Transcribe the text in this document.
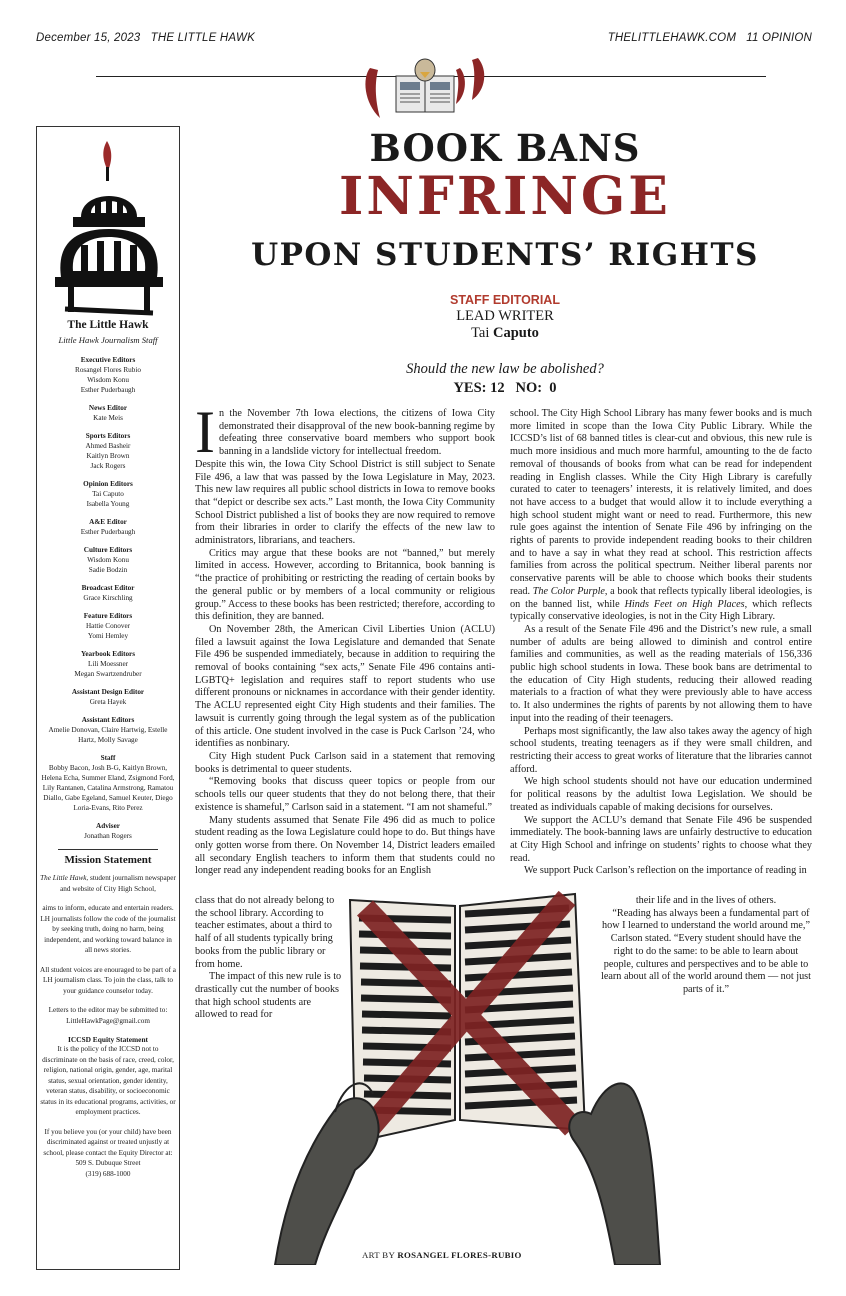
December 15, 2023   THE LITTLE HAWK	THELITTLEHAWK.COM   11 OPINION
The Little Hawk
Little Hawk Journalism Staff
Executive Editors
Rosangel Flores Rubio
Wisdom Konu
Esther Puderbaugh
News Editor
Kate Meis
Sports Editors
Ahmed Basheir
Kaitlyn Brown
Jack Rogers
Opinion Editors
Tai Caputo
Isabella Young
A&E Editor
Esther Puderbaugh
Culture Editors
Wisdom Konu
Sadie Bodzin
Broadcast Editor
Grace Kirschling
Feature Editors
Hattie Conover
Yomi Hemley
Yearbook Editors
Lili Moessner
Megan Swartzendruber
Assistant Design Editor
Greta Hayek
Assistant Editors
Amelie Donovan, Claire Hartwig, Estelle Hartz, Molly Savage
Staff
Bobby Bacon, Josh B-G, Kaitlyn Brown, Helena Echa, Summer Eland, Zsigmond Ford, Lily Rantanen, Catalina Armstrong, Ramatou Diallo, Gabe Egeland, Samuel Keuter, Diego Loria-Evans, Rito Perez
Adviser
Jonathan Rogers
Mission Statement
The Little Hawk, student journalism newspaper and website of City High School,
aims to inform, educate and entertain readers. LH journalists follow the code of the journalist by seeking truth, doing no harm, being independent, and working toward balance in all news stories.
All student voices are enouraged to be part of a LH journalism class. To join the class, talk to your guidance counselor today.
Letters to the editor may be submitted to: LittleHawkPage@gmail.com
ICCSD Equity Statement
It is the policy of the ICCSD not to discriminate on the basis of race, creed, color, religion, national origin, gender, age, marital status, sexual orientation, gender identity, veteran status, disability, or socioeconomic status in its educational programs, activities, or employment practices.
If you believe you (or your child) have been discriminated against or treated unjustly at school, please contact the Equity Director at:
509 S. Dubuque Street
(319) 688-1000
BOOK BANS
INFRINGE
UPON STUDENTS’ RIGHTS
STAFF EDITORIAL
LEAD WRITER
Tai Caputo
Should the new law be abolished?
YES: 12   NO:  0

In the November 7th Iowa elections, the citizens of Iowa City demonstrated their disapproval of the new book-banning regime by defeating three conservative board members who support book banning in a landslide victory for intellectual freedom.

Despite this win, the Iowa City School District is still subject to Senate File 496, a law that was passed by the Iowa Legislature in May, 2023. This new law requires all public school districts in Iowa to remove books that “depict or describe sex acts.” Last month, the Iowa City Community School District published a list of books they are now required to remove from their libraries in order to clarify the effects of the new law to administrators, librarians, and teachers.

Critics may argue that these books are not “banned,” but merely limited in access. However, according to Britannica, book banning is “the practice of prohibiting or restricting the reading of certain books by the general public or by members of a local community or religious group.” Access to these books has been restricted; therefore, according to this definition, they are banned.

On November 28th, the American Civil Liberties Union (ACLU) filed a lawsuit against the Iowa Legislature and demanded that Senate File 496 be suspended immediately, because in addition to requiring the removal of books containing “sex acts,” Senate File 496 contains anti-LGBTQ+ legislation and requires staff to report students who use different pronouns or nicknames in accordance with their gender identity. The ACLU represented eight City High students and their families. The lawsuit is currently going through the legal system as of the publication of this article. One student involved in the case is Puck Carlson ’24, who identifies as nonbinary.

City High student Puck Carlson said in a statement that removing books is detrimental to queer students.

“Removing books that discuss queer topics or people from our schools tells our queer students that they do not belong there, that their existence is shameful,” Carlson said in a statement. “I am not shameful.”

Many students assumed that Senate File 496 did as much to police student reading as the Iowa Legislature could hope to do. But things have only gotten worse from there. On November 14, District leaders emailed all secondary English teachers to inform them that students could no longer read any independent reading books for an English

school. The City High School Library has many fewer books and is much more limited in scope than the Iowa City Public Library. While the ICCSD’s list of 68 banned titles is clear-cut and obvious, this new rule is much more insidious and much more harmful, amounting to the de facto removal of thousands of books from what can be read for independent reading in English classes. While the City High Library is carefully curated to cater to teenagers’ interests, it is relatively limited, and does not have access to a budget that would allow it to include everything a high school student might want or need to read. Furthermore, this new rule goes against the intention of Senate File 496 by infringing on the rights of parents to provide independent reading books to their children and to have a say in what they read at school. This restriction affects families from across the political spectrum. Neither liberal parents nor conservative parents will be able to choose which books their students read. The Color Purple, a book that reflects typically liberal ideologies, is on the banned list, while Hinds Feet on High Places, which reflects typically conservative ideologies, is not in the City High Library.

As a result of the Senate File 496 and the District’s new rule, a small number of adults are being allowed to diminish and control entire families and communities, as well as the reading materials of 156,336 public high school students in Iowa. These book bans are detrimental to the education of City High students, reducing their allowed reading materials to a fraction of what they were previously able to have access to. It also undermines the rights of parents by not allowing them to have input into the reading of their teenagers.

Perhaps most significantly, the law also takes away the agency of high school students, treating teenagers as if they were small children, and restricting their access to great works of literature that the libraries cannot afford.

We high school students should not have our education undermined for political reasons by the adultist Iowa Legislation. We should be treated as individuals capable of making decisions for ourselves.

We support the ACLU’s demand that Senate File 496 be suspended immediately. The book-banning laws are unfairly destructive to education at City High School and infringe on students’ rights to choose what they read.

We support Puck Carlson’s reflection on the importance of reading in

class that do not already belong to the school library. According to teacher estimates, about a third to half of all students typically bring books from the public library or from home.

The impact of this new rule is to drastically cut the number of books that high school students are allowed to read for

their life and in the lives of others.

“Reading has always been a fundamental part of how I learned to understand the world around me,” Carlson stated. “Every student should have the right to do the same: to be able to learn about people, cultures and perspectives and to be able to learn about all of the world around them — not just parts of it.”

ART BY ROSANGEL FLORES-RUBIO
